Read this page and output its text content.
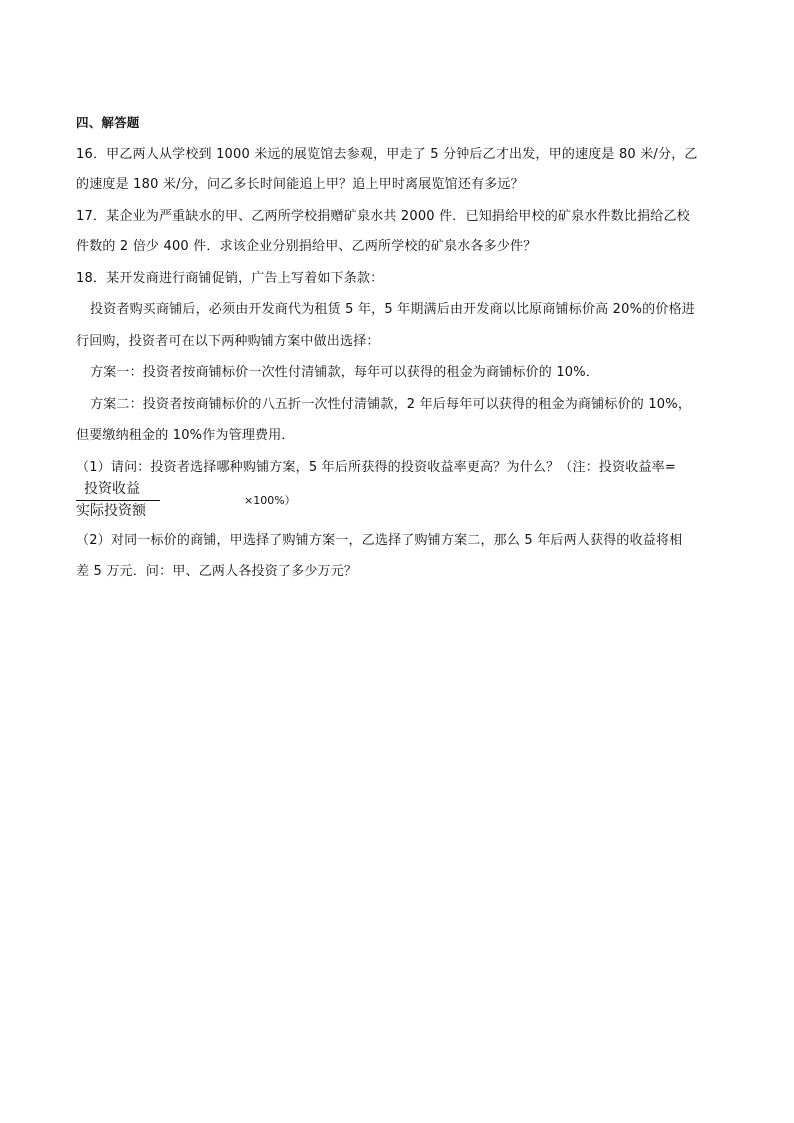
四、解答题
16．甲乙两人从学校到 1000 米远的展览馆去参观，甲走了 5 分钟后乙才出发，甲的速度是 80 米/分，乙
的速度是 180 米/分，问乙多长时间能追上甲？追上甲时离展览馆还有多远？
17．某企业为严重缺水的甲、乙两所学校捐赠矿泉水共 2000 件．已知捐给甲校的矿泉水件数比捐给乙校
件数的 2 倍少 400 件．求该企业分别捐给甲、乙两所学校的矿泉水各多少件？
18．某开发商进行商铺促销，广告上写着如下条款：
投资者购买商铺后，必须由开发商代为租赁 5 年，5 年期满后由开发商以比原商铺标价高 20%的价格进
行回购，投资者可在以下两种购铺方案中做出选择：
方案一：投资者按商铺标价一次性付清铺款，每年可以获得的租金为商铺标价的 10%．
方案二：投资者按商铺标价的八五折一次性付清铺款，2 年后每年可以获得的租金为商铺标价的 10%，
但要缴纳租金的 10%作为管理费用．
（1）请问：投资者选择哪种购铺方案，5 年后所获得的投资收益率更高？为什么？（注：投资收益率=
投资收益
实际投资额
×100%）
（2）对同一标价的商铺，甲选择了购铺方案一，乙选择了购铺方案二，那么 5 年后两人获得的收益将相
差 5 万元．问：甲、乙两人各投资了多少万元？
